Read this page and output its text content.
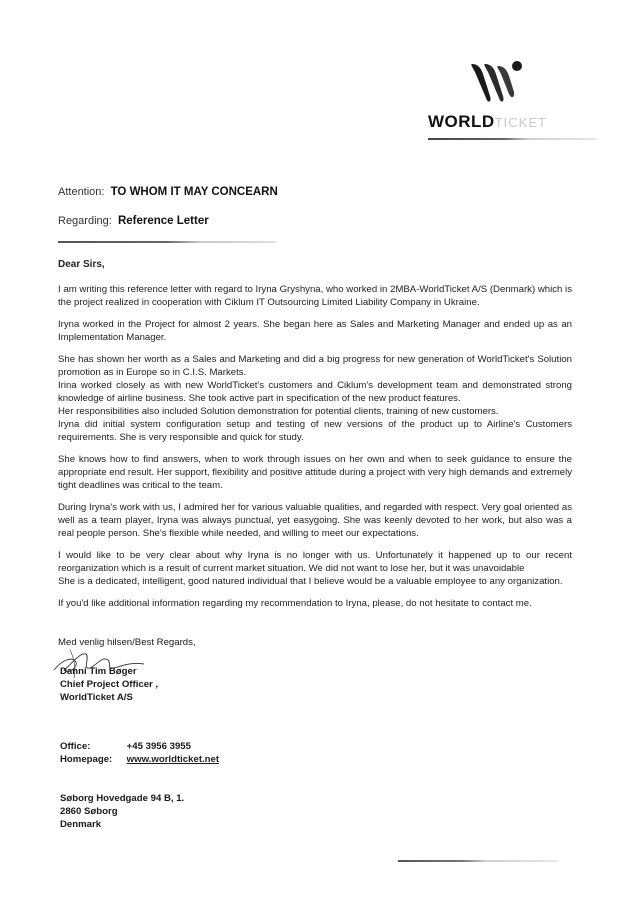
WORLDTICKET
Attention: TO WHOM IT MAY CONCEARN
Regarding: Reference Letter

Dear Sirs,

I am writing this reference letter with regard to Iryna Gryshyna, who worked in 2MBA-WorldTicket A/S (Denmark) which is the project realized in cooperation with Ciklum IT Outsourcing Limited Liability Company in Ukraine.

Iryna worked in the Project for almost 2 years. She began here as Sales and Marketing Manager and ended up as an Implementation Manager.

She has shown her worth as a Sales and Marketing and did a big progress for new generation of WorldTicket's Solution promotion as in Europe so in C.I.S. Markets.
Irina worked closely as with new WorldTicket's customers and Ciklum's development team and demonstrated strong knowledge of airline business. She took active part in specification of the new product features.
Her responsibilities also included Solution demonstration for potential clients, training of new customers.
Iryna did initial system configuration setup and testing of new versions of the product up to Airline's Customers requirements. She is very responsible and quick for study.

She knows how to find answers, when to work through issues on her own and when to seek guidance to ensure the appropriate end result. Her support, flexibility and positive attitude during a project with very high demands and extremely tight deadlines was critical to the team.

During Iryna's work with us, I admired her for various valuable qualities, and regarded with respect. Very goal oriented as well as a team player, Iryna was always punctual, yet easygoing. She was keenly devoted to her work, but also was a real people person. She's flexible while needed, and willing to meet our expectations.

I would like to be very clear about why Iryna is no longer with us. Unfortunately it happened up to our recent reorganization which is a result of current market situation. We did not want to lose her, but it was unavoidable
She is a dedicated, intelligent, good natured individual that I believe would be a valuable employee to any organization.

If you'd like additional information regarding my recommendation to Iryna, please, do not hesitate to contact me.

Med venlig hilsen/Best Regards,
Danni Tim Bøger
Chief Project Officer ,
WorldTicket A/S
Office:	+45 3956 3955
Homepage: www.worldticket.net
Søborg Hovedgade 94 B, 1.
2860 Søborg
Denmark
